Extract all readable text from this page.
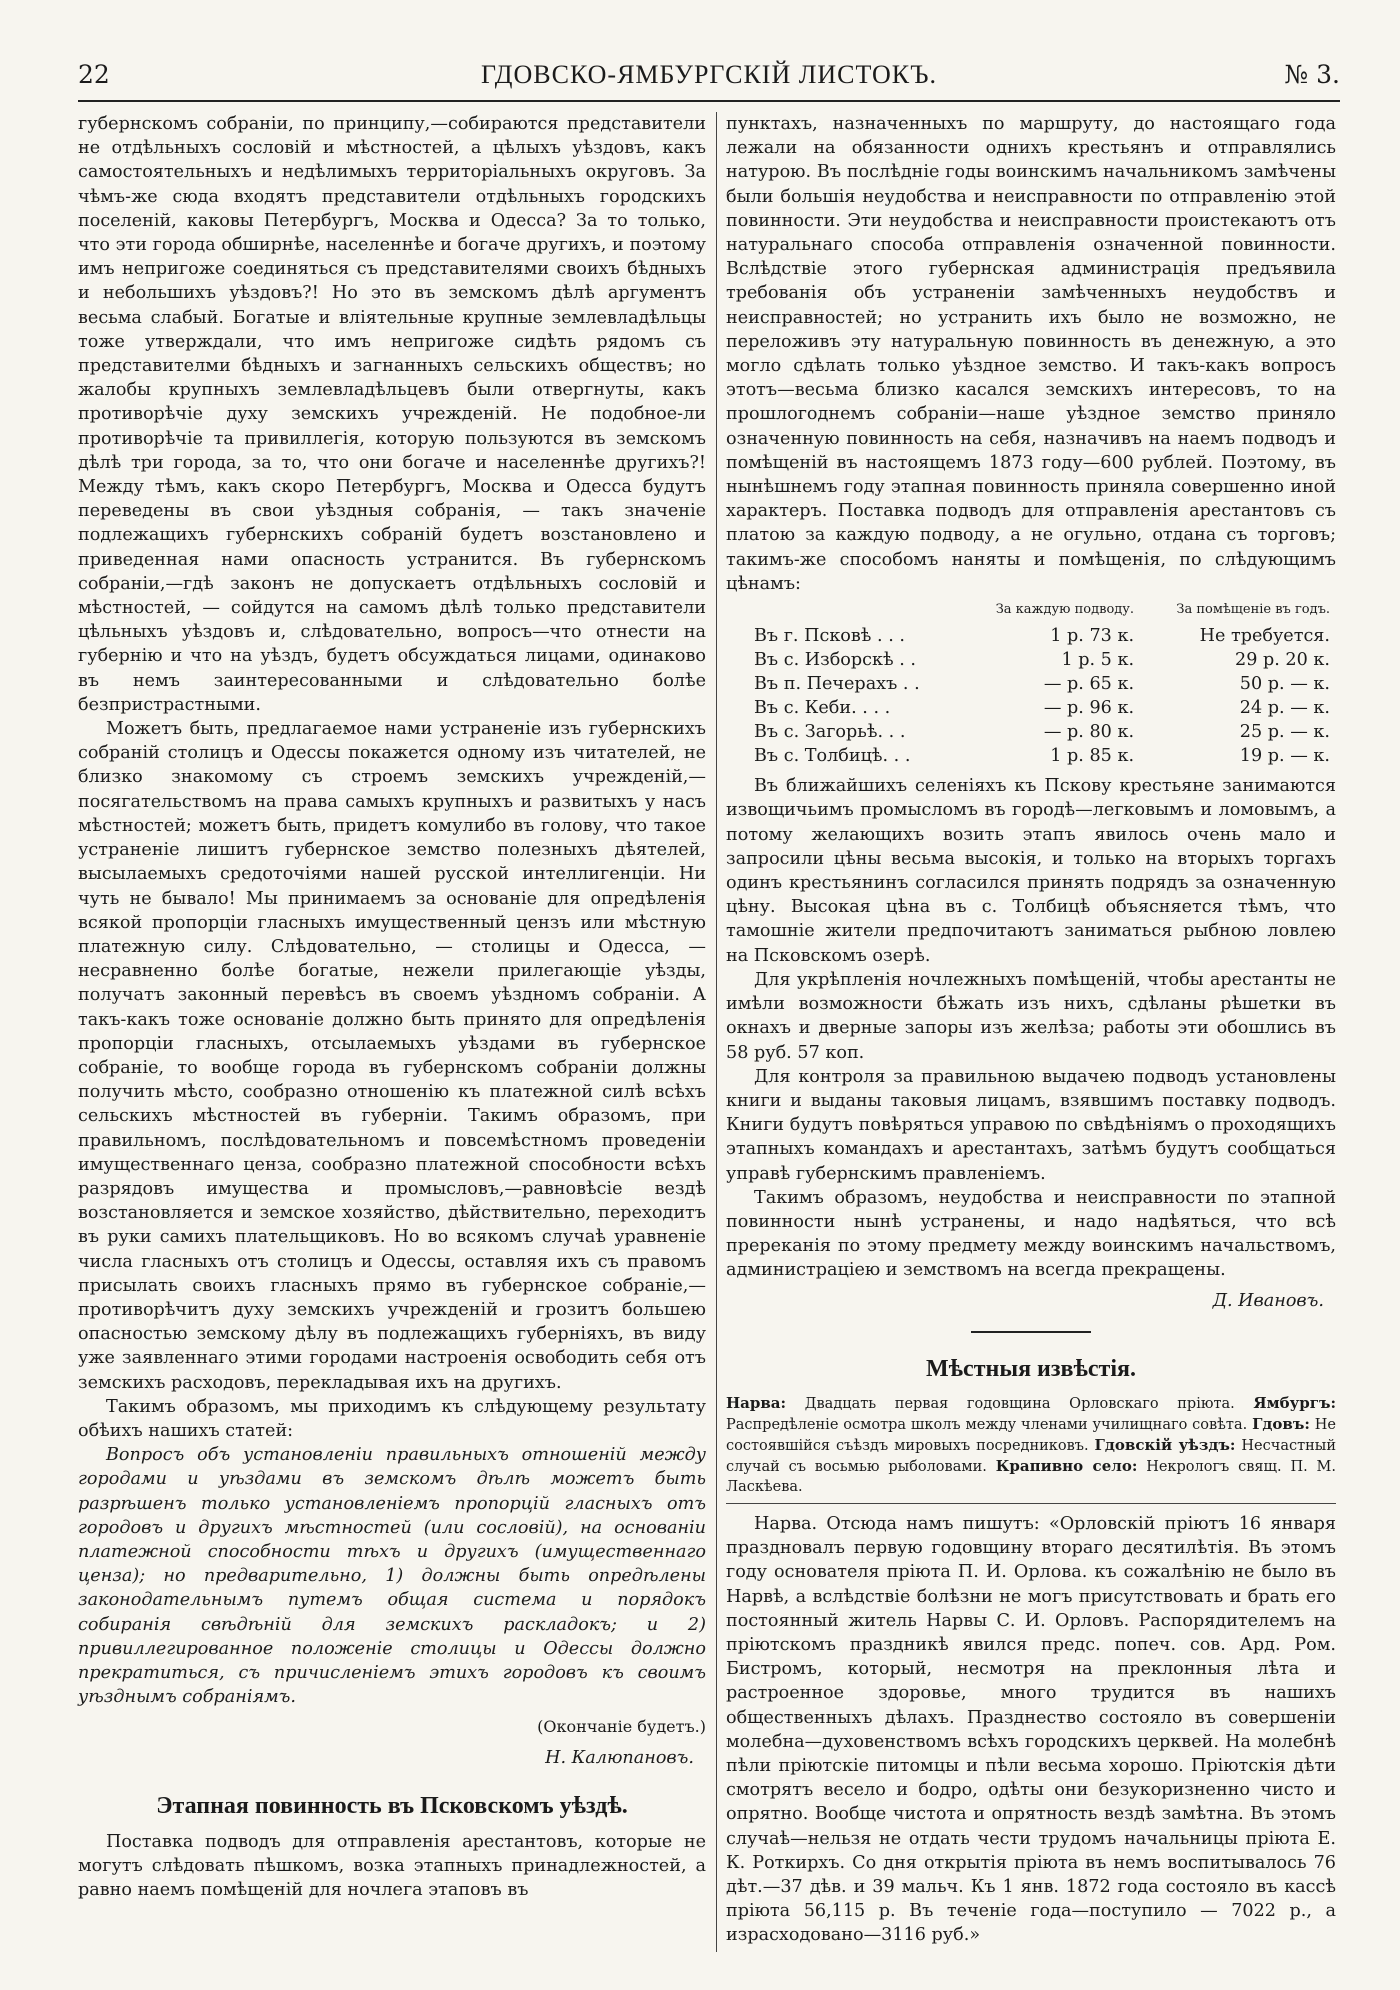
22	ГДОВСКО-ЯМБУРГСКІЙ ЛИСТОКЪ.	№ 3.

губернскомъ собраніи, по принципу,—собираются представители не отдѣльныхъ сословій и мѣстностей, а цѣлыхъ уѣздовъ, какъ самостоятельныхъ и недѣлимыхъ территоріальныхъ округовъ. За чѣмъ-же сюда входятъ представители отдѣльныхъ городскихъ поселеній, каковы Петербургъ, Москва и Одесса? За то только, что эти города обширнѣе, населеннѣе и богаче другихъ, и поэтому имъ непригоже соединяться съ представителями своихъ бѣдныхъ и небольшихъ уѣздовъ?! Но это въ земскомъ дѣлѣ аргументъ весьма слабый. Богатые и вліятельные крупные землевладѣльцы тоже утверждали, что имъ непригоже сидѣть рядомъ съ представителми бѣдныхъ и загнанныхъ сельскихъ обществъ; но жалобы крупныхъ землевладѣльцевъ были отвергнуты, какъ противорѣчіе духу земскихъ учрежденій. Не подобное-ли противорѣчіе та привиллегія, которую пользуются въ земскомъ дѣлѣ три города, за то, что они богаче и населеннѣе другихъ?! Между тѣмъ, какъ скоро Петербургъ, Москва и Одесса будутъ переведены въ свои уѣздныя собранія, — такъ значеніе подлежащихъ губернскихъ собраній будетъ возстановлено и приведенная нами опасность устранится. Въ губернскомъ собраніи,—гдѣ законъ не допускаетъ отдѣльныхъ сословій и мѣстностей, — сойдутся на самомъ дѣлѣ только представители цѣльныхъ уѣздовъ и, слѣдовательно, вопросъ—что отнести на губернію и что на уѣздъ, будетъ обсуждаться лицами, одинаково въ немъ заинтересованными и слѣдовательно болѣе безпристрастными.

Можетъ быть, предлагаемое нами устраненіе изъ губернскихъ собраній столицъ и Одессы покажется одному изъ читателей, не близко знакомому съ строемъ земскихъ учрежденій,—посягательствомъ на права самыхъ крупныхъ и развитыхъ у насъ мѣстностей; можетъ быть, придетъ комулибо въ голову, что такое устраненіе лишитъ губернское земство полезныхъ дѣятелей, высылаемыхъ средоточіями нашей русской интеллигенціи. Ни чуть не бывало! Мы принимаемъ за основаніе для опредѣленія всякой пропорціи гласныхъ имущественный цензъ или мѣстную платежную силу. Слѣдовательно, — столицы и Одесса, — несравненно болѣе богатые, нежели прилегающіе уѣзды, получатъ законный перевѣсъ въ своемъ уѣздномъ собраніи. А такъ-какъ тоже основаніе должно быть принято для опредѣленія пропорціи гласныхъ, отсылаемыхъ уѣздами въ губернское собраніе, то вообще города въ губернскомъ собраніи должны получить мѣсто, сообразно отношенію къ платежной силѣ всѣхъ сельскихъ мѣстностей въ губерніи. Такимъ образомъ, при правильномъ, послѣдовательномъ и повсемѣстномъ проведеніи имущественнаго ценза, сообразно платежной способности всѣхъ разрядовъ имущества и промысловъ,—равновѣсіе вездѣ возстановляется и земское хозяйство, дѣйствительно, переходитъ въ руки самихъ плательщиковъ. Но во всякомъ случаѣ уравненіе числа гласныхъ отъ столицъ и Одессы, оставляя ихъ съ правомъ присылать своихъ гласныхъ прямо въ губернское собраніе,—противорѣчитъ духу земскихъ учрежденій и грозитъ большею опасностью земскому дѣлу въ подлежащихъ губерніяхъ, въ виду уже заявленнаго этими городами настроенія освободить себя отъ земскихъ расходовъ, перекладывая ихъ на другихъ.

Такимъ образомъ, мы приходимъ къ слѣдующему результату обѣихъ нашихъ статей:

Вопросъ объ установленіи правильныхъ отношеній между городами и уѣздами въ земскомъ дѣлѣ можетъ быть разрѣшенъ только установленіемъ пропорцій гласныхъ отъ городовъ и другихъ мѣстностей (или сословій), на основаніи платежной способности тѣхъ и другихъ (имущественнаго ценза); но предварительно, 1) должны быть опредѣлены законодательнымъ путемъ общая система и порядокъ собиранія свѣдѣній для земскихъ раскладокъ; и 2) привиллегированное положеніе столицы и Одессы должно прекратиться, съ причисленіемъ этихъ городовъ къ своимъ уѣзднымъ собраніямъ.

(Окончаніе будетъ.)
Н. Калюпановъ.
Этапная повинность въ Псковскомъ уѣздѣ.

Поставка подводъ для отправленія арестантовъ, которые не могутъ слѣдовать пѣшкомъ, возка этапныхъ принадлежностей, а равно наемъ помѣщеній для ночлега этаповъ въ

пунктахъ, назначенныхъ по маршруту, до настоящаго года лежали на обязанности однихъ крестьянъ и отправлялись натурою. Въ послѣдніе годы воинскимъ начальникомъ замѣчены были большія неудобства и неисправности по отправленію этой повинности. Эти неудобства и неисправности проистекаютъ отъ натуральнаго способа отправленія означенной повинности. Вслѣдствіе этого губернская администрація предъявила требованія объ устраненіи замѣченныхъ неудобствъ и неисправностей; но устранить ихъ было не возможно, не переложивъ эту натуральную повинность въ денежную, а это могло сдѣлать только уѣздное земство. И такъ-какъ вопросъ этотъ—весьма близко касался земскихъ интересовъ, то на прошлогоднемъ собраніи—наше уѣздное земство приняло означенную повинность на себя, назначивъ на наемъ подводъ и помѣщеній въ настоящемъ 1873 году—600 рублей. Поэтому, въ нынѣшнемъ году этапная повинность приняла совершенно иной характеръ. Поставка подводъ для отправленія арестантовъ съ платою за каждую подводу, а не огульно, отдана съ торговъ; такимъ-же способомъ наняты и помѣщенія, по слѣдующимъ цѣнамъ:

	За каждую подводу.	За помѣщеніе въ годъ.
Въ г. Псковѣ . . .	1 р. 73 к.	Не требуется.
Въ с. Изборскѣ . .	1 р. 5 к.	29 р. 20 к.
Въ п. Печерахъ . .	— р. 65 к.	50 р. — к.
Въ с. Кеби. . . .	— р. 96 к.	24 р. — к.
Въ с. Загорьѣ. . .	— р. 80 к.	25 р. — к.
Въ с. Толбицѣ. . .	1 р. 85 к.	19 р. — к.

Въ ближайшихъ селеніяхъ къ Пскову крестьяне занимаются извощичьимъ промысломъ въ городѣ—легковымъ и ломовымъ, а потому желающихъ возить этапъ явилось очень мало и запросили цѣны весьма высокія, и только на вторыхъ торгахъ одинъ крестьянинъ согласился принять подрядъ за означенную цѣну. Высокая цѣна въ с. Толбицѣ объясняется тѣмъ, что тамошніе жители предпочитаютъ заниматься рыбною ловлею на Псковскомъ озерѣ.

Для укрѣпленія ночлежныхъ помѣщеній, чтобы арестанты не имѣли возможности бѣжать изъ нихъ, сдѣланы рѣшетки въ окнахъ и дверные запоры изъ желѣза; работы эти обошлись въ 58 руб. 57 коп.

Для контроля за правильною выдачею подводъ установлены книги и выданы таковыя лицамъ, взявшимъ поставку подводъ. Книги будутъ повѣряться управою по свѣдѣніямъ о проходящихъ этапныхъ командахъ и арестантахъ, затѣмъ будутъ сообщаться управѣ губернскимъ правленіемъ.

Такимъ образомъ, неудобства и неисправности по этапной повинности нынѣ устранены, и надо надѣяться, что всѣ пререканія по этому предмету между воинскимъ начальствомъ, администраціею и земствомъ на всегда прекращены.

Д. Ивановъ.
Мѣстныя извѣстія.
Нарва: Двадцать первая годовщина Орловскаго пріюта. Ямбургъ: Распредѣленіе осмотра школъ между членами училищнаго совѣта. Гдовъ: Не состоявшійся съѣздъ мировыхъ посредниковъ. Гдовскій уѣздъ: Несчастный случай съ восьмью рыболовами. Крапивно село: Некрологъ свящ. П. М. Ласкѣева.

Нарва. Отсюда намъ пишутъ: «Орловскій пріютъ 16 января праздновалъ первую годовщину втораго десятилѣтія. Въ этомъ году основателя пріюта П. И. Орлова. къ сожалѣнію не было въ Нарвѣ, а вслѣдствіе болѣзни не могъ присутствовать и брать его постоянный житель Нарвы С. И. Орловъ. Распорядителемъ на пріютскомъ праздникѣ явился предс. попеч. сов. Ард. Ром. Бистромъ, который, несмотря на преклонныя лѣта и растроенное здоровье, много трудится въ нашихъ общественныхъ дѣлахъ. Празднество состояло въ совершеніи молебна—духовенствомъ всѣхъ городскихъ церквей. На молебнѣ пѣли пріютскіе питомцы и пѣли весьма хорошо. Пріютскія дѣти смотрятъ весело и бодро, одѣты они безукоризненно чисто и опрятно. Вообще чистота и опрятность вездѣ замѣтна. Въ этомъ случаѣ—нельзя не отдать чести трудомъ начальницы пріюта Е. К. Роткирхъ. Со дня открытія пріюта въ немъ воспитывалось 76 дѣт.—37 дѣв. и 39 мальч. Къ 1 янв. 1872 года состояло въ кассѣ пріюта 56,115 р. Въ теченіе года—поступило — 7022 р., а израсходовано—3116 руб.»
